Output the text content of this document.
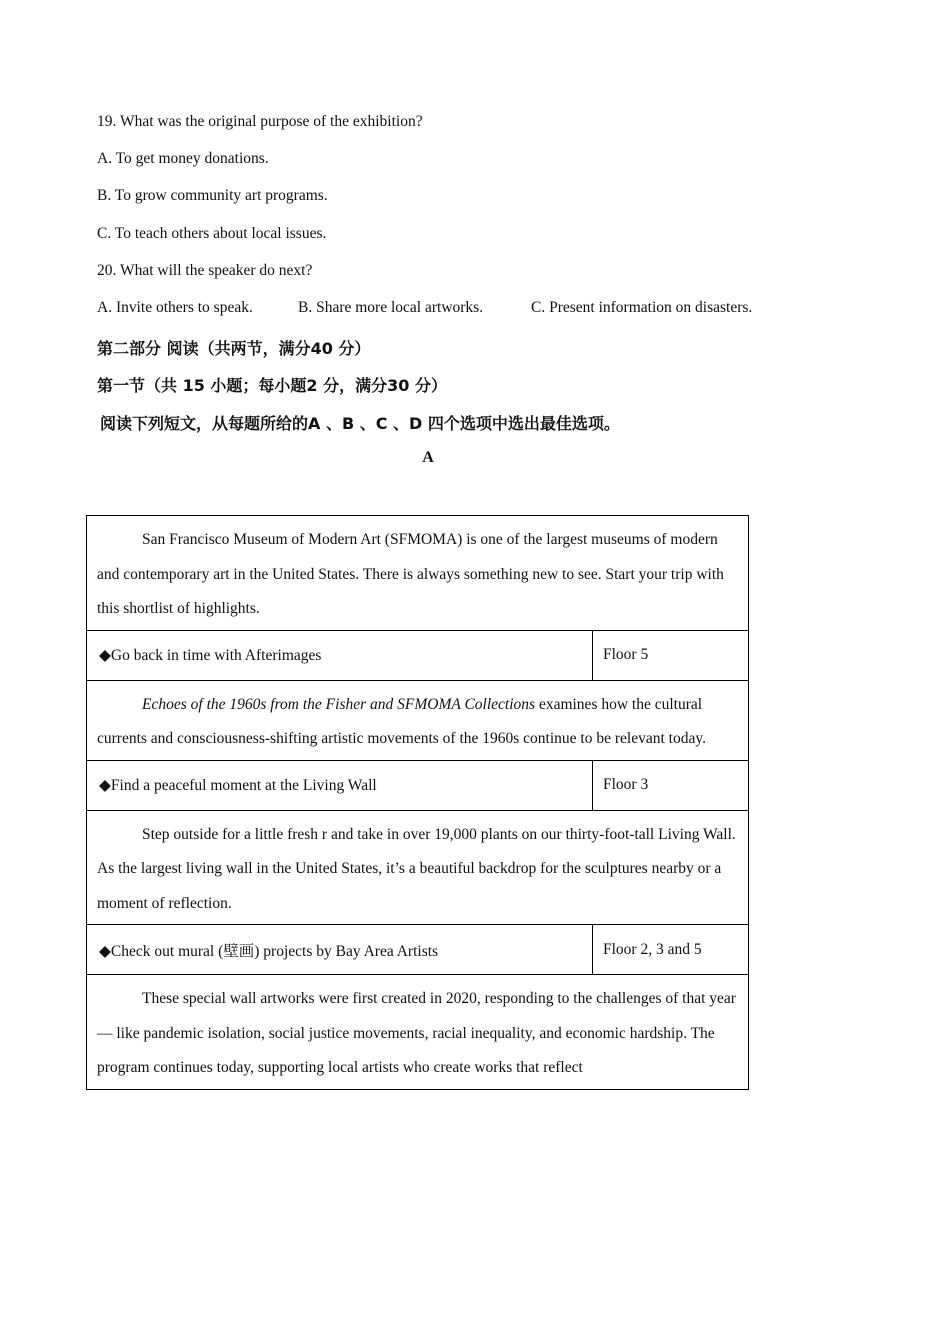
19. What was the original purpose of the exhibition?
A. To get money donations.
B. To grow community art programs.
C. To teach others about local issues.
20. What will the speaker do next?
A. Invite others to speak.	B. Share more local artworks.	C. Present information on disasters.
第二部分 阅读（共两节，满分40 分）
第一节（共 15 小题；每小题2 分，满分30 分）
阅读下列短文，从每题所给的A 、B 、C 、D 四个选项中选出最佳选项。
A
San Francisco Museum of Modern Art (SFMOMA) is one of the largest museums of modern and contemporary art in the United States. There is always something new to see. Start your trip with this shortlist of highlights.	
◆Go back in time with Afterimages	Floor 5
Echoes of the 1960s from the Fisher and SFMOMA Collections examines how the cultural currents and consciousness-shifting artistic movements of the 1960s continue to be relevant today.	
◆Find a peaceful moment at the Living Wall	Floor 3
Step outside for a little fresh r and take in over 19,000 plants on our thirty-foot-tall Living Wall. As the largest living wall in the United States, it’s a beautiful backdrop for the sculptures nearby or a moment of reflection.	
◆Check out mural (壁画) projects by Bay Area Artists	Floor 2, 3 and 5
These special wall artworks were first created in 2020, responding to the challenges of that year — like pandemic isolation, social justice movements, racial inequality, and economic hardship. The program continues today, supporting local artists who create works that reflect	
